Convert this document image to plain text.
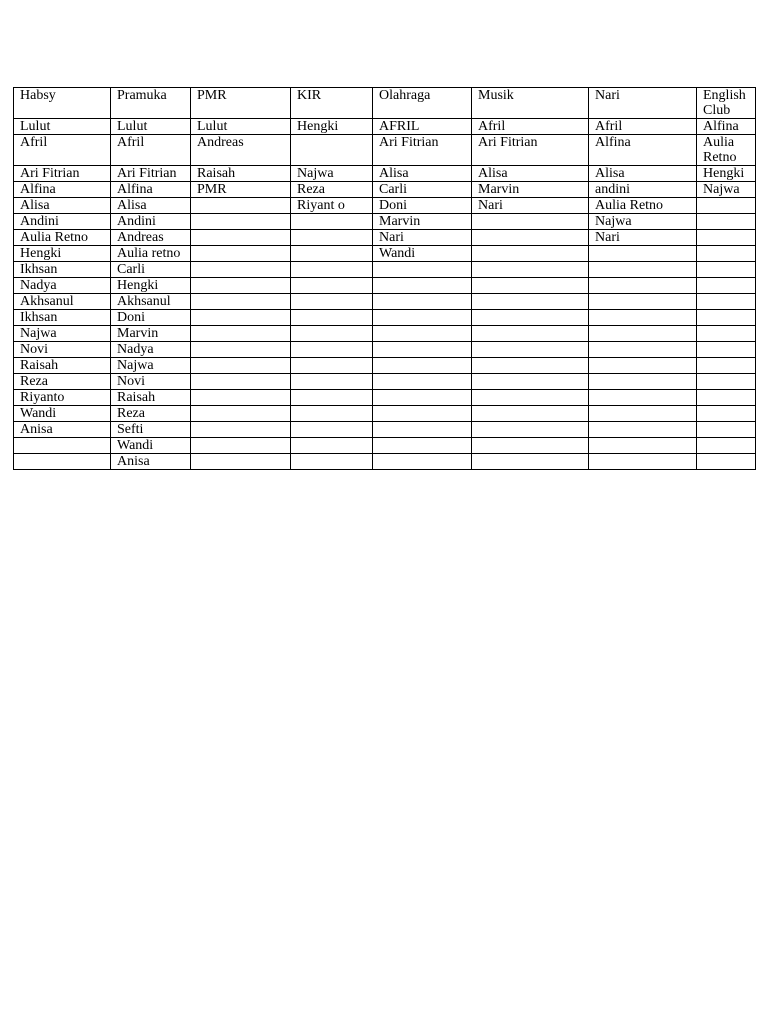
Habsy	Pramuka	PMR	KIR	Olahraga	Musik	Nari	English Club
Lulut	Lulut	Lulut	Hengki	AFRIL	Afril	Afril	Alfina
Afril	Afril	Andreas		Ari Fitrian	Ari Fitrian	Alfina	Aulia Retno
Ari Fitrian	Ari Fitrian	Raisah	Najwa	Alisa	Alisa	Alisa	Hengki
Alfina	Alfina	PMR	Reza	Carli	Marvin	andini	Najwa
Alisa	Alisa		Riyant o	Doni	Nari	Aulia Retno	
Andini	Andini			Marvin		Najwa	
Aulia Retno	Andreas			Nari		Nari	
Hengki	Aulia retno			Wandi			
Ikhsan	Carli						
Nadya	Hengki						
Akhsanul	Akhsanul						
Ikhsan	Doni						
Najwa	Marvin						
Novi	Nadya						
Raisah	Najwa						
Reza	Novi						
Riyanto	Raisah						
Wandi	Reza						
Anisa	Sefti						
	Wandi						
	Anisa						
